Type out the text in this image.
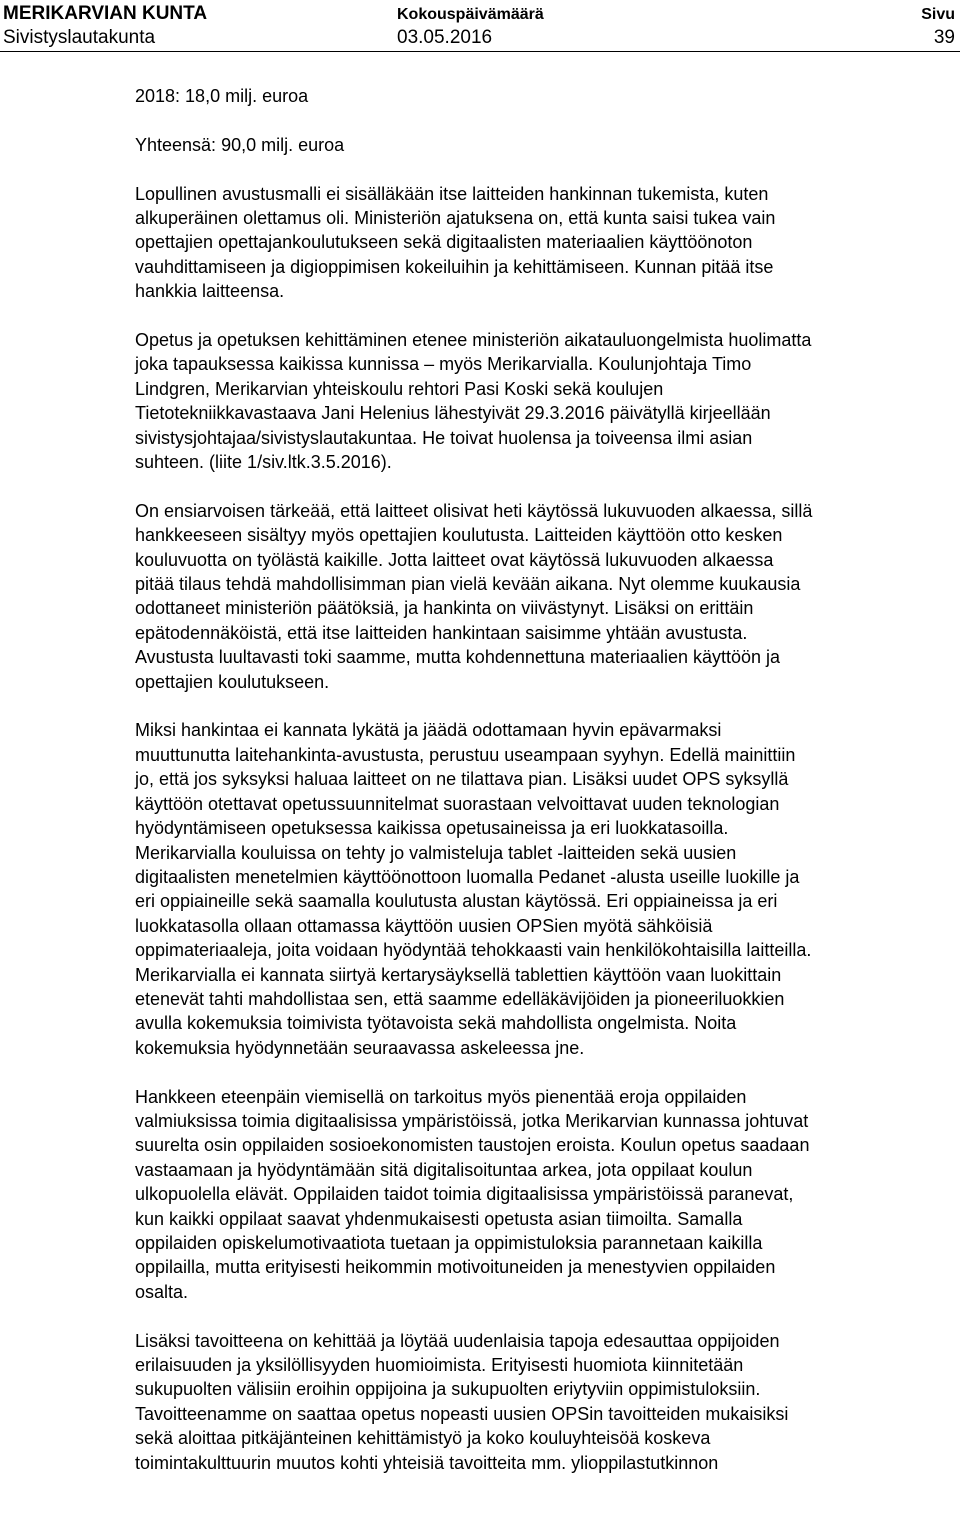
MERIKARVIAN KUNTA
Sivistyslautakunta
Kokouspäivämäärä
03.05.2016
Sivu
39

2018: 18,0 milj. euroa

Yhteensä: 90,0 milj. euroa

Lopullinen avustusmalli ei sisälläkään itse laitteiden hankinnan tukemista, kuten
alkuperäinen olettamus oli. Ministeriön ajatuksena on, että kunta saisi tukea vain
opettajien opettajankoulutukseen sekä digitaalisten materiaalien käyttöönoton
vauhdittamiseen ja digioppimisen kokeiluihin ja kehittämiseen. Kunnan pitää itse
hankkia laitteensa.

Opetus ja opetuksen kehittäminen etenee ministeriön aikatauluongelmista huolimatta
joka tapauksessa kaikissa kunnissa – myös Merikarvialla. Koulunjohtaja Timo
Lindgren, Merikarvian yhteiskoulu rehtori Pasi Koski sekä koulujen
Tietotekniikkavastaava Jani Helenius lähestyivät 29.3.2016 päivätyllä kirjeellään
sivistysjohtajaa/sivistyslautakuntaa. He toivat huolensa ja toiveensa ilmi asian
suhteen. (liite 1/siv.ltk.3.5.2016).

On ensiarvoisen tärkeää, että laitteet olisivat heti käytössä lukuvuoden alkaessa, sillä
hankkeeseen sisältyy myös opettajien koulutusta. Laitteiden käyttöön otto kesken
kouluvuotta on työlästä kaikille. Jotta laitteet ovat käytössä lukuvuoden alkaessa
pitää tilaus tehdä mahdollisimman pian vielä kevään aikana. Nyt olemme kuukausia
odottaneet ministeriön päätöksiä, ja hankinta on viivästynyt. Lisäksi on erittäin
epätodennäköistä, että itse laitteiden hankintaan saisimme yhtään avustusta.
Avustusta luultavasti toki saamme, mutta kohdennettuna materiaalien käyttöön ja
opettajien koulutukseen.

Miksi hankintaa ei kannata lykätä ja jäädä odottamaan hyvin epävarmaksi
muuttunutta laitehankinta-avustusta, perustuu useampaan syyhyn. Edellä mainittiin
jo, että jos syksyksi haluaa laitteet on ne tilattava pian. Lisäksi uudet OPS syksyllä
käyttöön otettavat opetussuunnitelmat suorastaan velvoittavat uuden teknologian
hyödyntämiseen opetuksessa kaikissa opetusaineissa ja eri luokkatasoilla.
Merikarvialla kouluissa on tehty jo valmisteluja tablet -laitteiden sekä uusien
digitaalisten menetelmien käyttöönottoon luomalla Pedanet -alusta useille luokille ja
eri oppiaineille sekä saamalla koulutusta alustan käytössä. Eri oppiaineissa ja eri
luokkatasolla ollaan ottamassa käyttöön uusien OPSien myötä sähköisiä
oppimateriaaleja, joita voidaan hyödyntää tehokkaasti vain henkilökohtaisilla laitteilla.
Merikarvialla ei kannata siirtyä kertarysäyksellä tablettien käyttöön vaan luokittain
etenevät tahti mahdollistaa sen, että saamme edelläkävijöiden ja pioneeriluokkien
avulla kokemuksia toimivista työtavoista sekä mahdollista ongelmista. Noita
kokemuksia hyödynnetään seuraavassa askeleessa jne.

Hankkeen eteenpäin viemisellä on tarkoitus myös pienentää eroja oppilaiden
valmiuksissa toimia digitaalisissa ympäristöissä, jotka Merikarvian kunnassa johtuvat
suurelta osin oppilaiden sosioekonomisten taustojen eroista. Koulun opetus saadaan
vastaamaan ja hyödyntämään sitä digitalisoituntaa arkea, jota oppilaat koulun
ulkopuolella elävät. Oppilaiden taidot toimia digitaalisissa ympäristöissä paranevat,
kun kaikki oppilaat saavat yhdenmukaisesti opetusta asian tiimoilta. Samalla
oppilaiden opiskelumotivaatiota tuetaan ja oppimistuloksia parannetaan kaikilla
oppilailla, mutta erityisesti heikommin motivoituneiden ja menestyvien oppilaiden
osalta.

Lisäksi tavoitteena on kehittää ja löytää uudenlaisia tapoja edesauttaa oppijoiden
erilaisuuden ja yksilöllisyyden huomioimista. Erityisesti huomiota kiinnitetään
sukupuolten välisiin eroihin oppijoina ja sukupuolten eriytyviin oppimistuloksiin.
Tavoitteenamme on saattaa opetus nopeasti uusien OPSin tavoitteiden mukaisiksi
sekä aloittaa pitkäjänteinen kehittämistyö ja koko kouluyhteisöä koskeva
toimintakulttuurin muutos kohti yhteisiä tavoitteita mm. ylioppilastutkinnon
